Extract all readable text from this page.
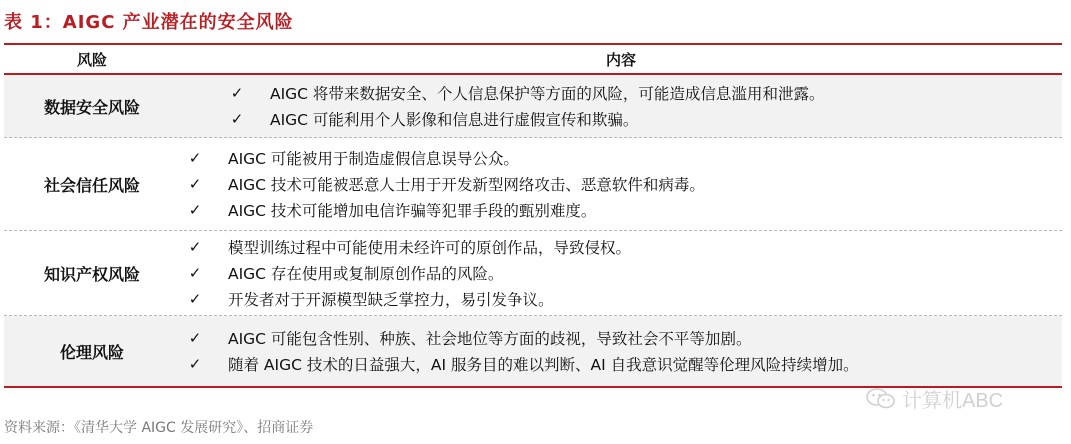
表 1：AIGC 产业潜在的安全风险
风险	内容
数据安全风险
✓ AIGC 将带来数据安全、个人信息保护等方面的风险，可能造成信息滥用和泄露。
✓ AIGC 可能利用个人影像和信息进行虚假宣传和欺骗。
社会信任风险
✓ AIGC 可能被用于制造虚假信息误导公众。
✓ AIGC 技术可能被恶意人士用于开发新型网络攻击、恶意软件和病毒。
✓ AIGC 技术可能增加电信诈骗等犯罪手段的甄别难度。
知识产权风险
✓ 模型训练过程中可能使用未经许可的原创作品，导致侵权。
✓ AIGC 存在使用或复制原创作品的风险。
✓ 开发者对于开源模型缺乏掌控力，易引发争议。
伦理风险
✓ AIGC 可能包含性别、种族、社会地位等方面的歧视，导致社会不平等加剧。
✓ 随着 AIGC 技术的日益强大，AI 服务目的难以判断、AI 自我意识觉醒等伦理风险持续增加。
计算机ABC
资料来源：《清华大学 AIGC 发展研究》、招商证券
